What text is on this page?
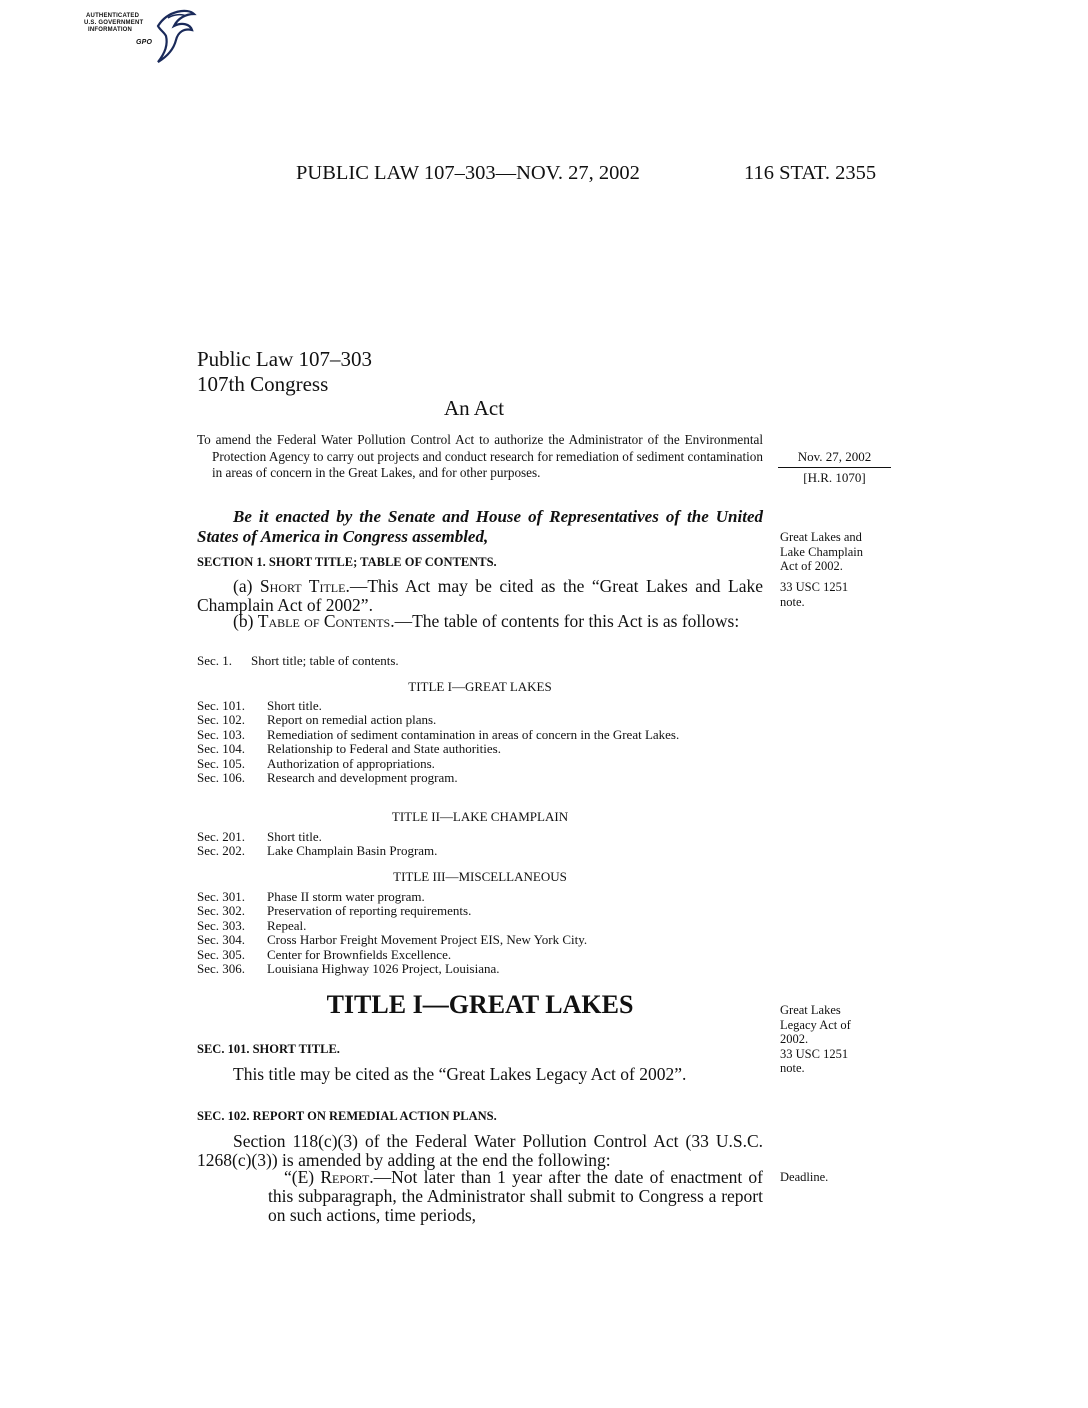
AUTHENTICATED
U.S. GOVERNMENT
INFORMATION
GPO
PUBLIC LAW 107–303—NOV. 27, 2002	116 STAT. 2355
Public Law 107–303
107th Congress
An Act
To amend the Federal Water Pollution Control Act to authorize the Administrator of the Environmental Protection Agency to carry out projects and conduct research for remediation of sediment contamination in areas of concern in the Great Lakes, and for other purposes.
Nov. 27, 2002
[H.R. 1070]
Be it enacted by the Senate and House of Representatives of the United States of America in Congress assembled,	Great Lakes and
Lake Champlain
Act of 2002.
33 USC 1251
note.
SECTION 1. SHORT TITLE; TABLE OF CONTENTS.
(a) Short Title.—This Act may be cited as the “Great Lakes and Lake Champlain Act of 2002”.
(b) Table of Contents.—The table of contents for this Act is as follows:
Sec. 1.	Short title; table of contents.
TITLE I—GREAT LAKES
Sec. 101.	Short title.
Sec. 102.	Report on remedial action plans.
Sec. 103.	Remediation of sediment contamination in areas of concern in the Great Lakes.
Sec. 104.	Relationship to Federal and State authorities.
Sec. 105.	Authorization of appropriations.
Sec. 106.	Research and development program.
TITLE II—LAKE CHAMPLAIN
Sec. 201.	Short title.
Sec. 202.	Lake Champlain Basin Program.
TITLE III—MISCELLANEOUS
Sec. 301.	Phase II storm water program.
Sec. 302.	Preservation of reporting requirements.
Sec. 303.	Repeal.
Sec. 304.	Cross Harbor Freight Movement Project EIS, New York City.
Sec. 305.	Center for Brownfields Excellence.
Sec. 306.	Louisiana Highway 1026 Project, Louisiana.
TITLE I—GREAT LAKES	Great Lakes
Legacy Act of
2002.
33 USC 1251
note.
SEC. 101. SHORT TITLE.
This title may be cited as the “Great Lakes Legacy Act of 2002”.
SEC. 102. REPORT ON REMEDIAL ACTION PLANS.
Section 118(c)(3) of the Federal Water Pollution Control Act (33 U.S.C. 1268(c)(3)) is amended by adding at the end the following:
“(E) Report.—Not later than 1 year after the date of enactment of this subparagraph, the Administrator shall submit to Congress a report on such actions, time periods,
Deadline.
